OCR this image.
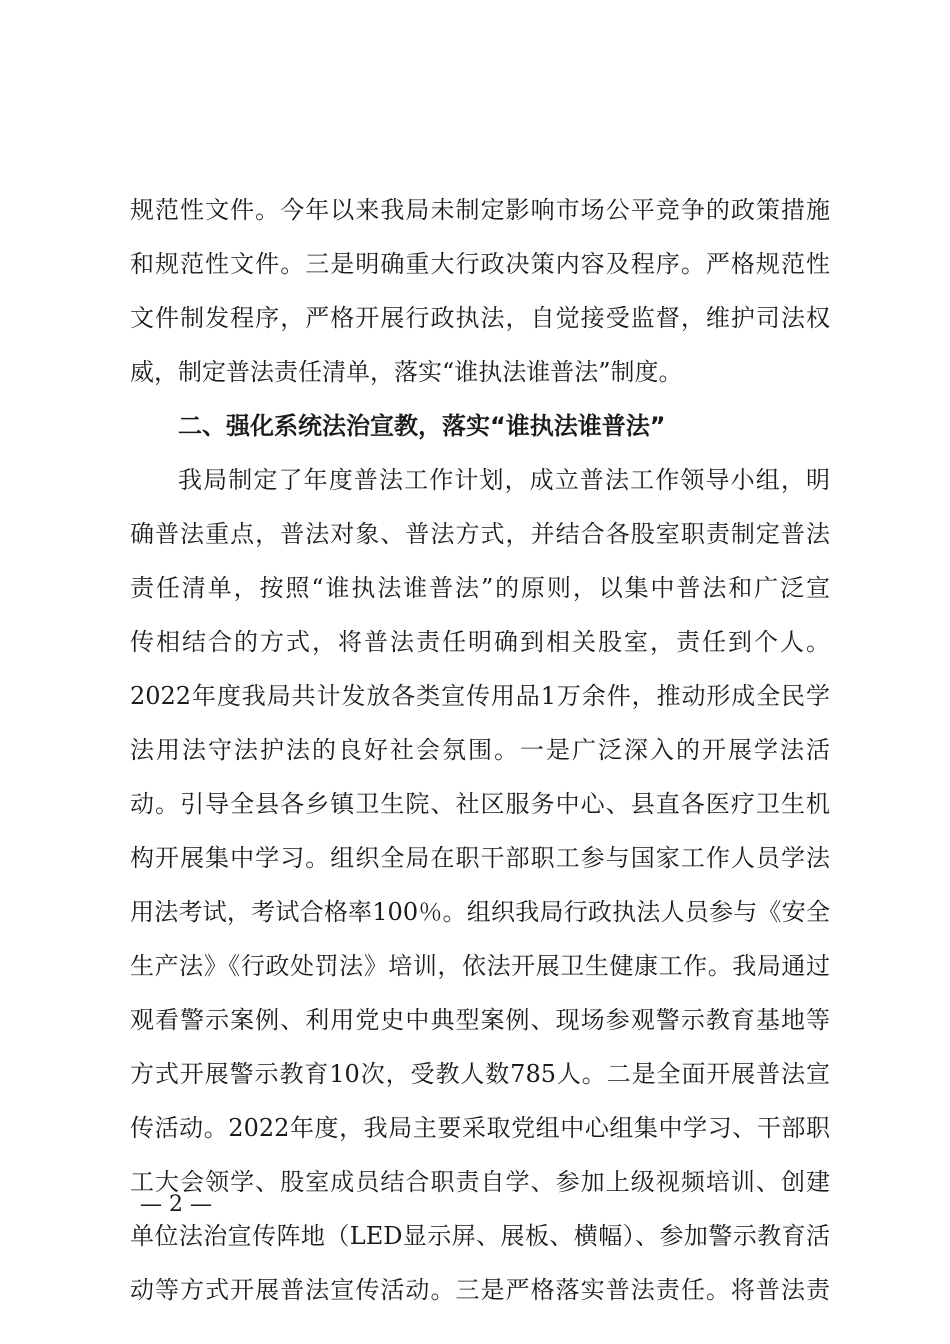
规范性文件。今年以来我局未制定影响市场公平竞争的政策措施
和规范性文件。三是明确重大行政决策内容及程序。严格规范性
文件制发程序，严格开展行政执法，自觉接受监督，维护司法权
威，制定普法责任清单，落实“谁执法谁普法”制度。
二、强化系统法治宣教，落实“谁执法谁普法”
我局制定了年度普法工作计划，成立普法工作领导小组，明
确普法重点，普法对象、普法方式，并结合各股室职责制定普法
责任清单，按照“谁执法谁普法”的原则，以集中普法和广泛宣
传相结合的方式，将普法责任明确到相关股室，责任到个人。
2022年度我局共计发放各类宣传用品1万余件，推动形成全民学
法用法守法护法的良好社会氛围。一是广泛深入的开展学法活
动。引导全县各乡镇卫生院、社区服务中心、县直各医疗卫生机
构开展集中学习。组织全局在职干部职工参与国家工作人员学法
用法考试，考试合格率100％。组织我局行政执法人员参与《安全
生产法》《行政处罚法》培训，依法开展卫生健康工作。我局通过
观看警示案例、利用党史中典型案例、现场参观警示教育基地等
方式开展警示教育10次，受教人数785人。二是全面开展普法宣
传活动。2022年度，我局主要采取党组中心组集中学习、干部职
工大会领学、股室成员结合职责自学、参加上级视频培训、创建
单位法治宣传阵地（LED显示屏、展板、横幅）、参加警示教育活
动等方式开展普法宣传活动。三是严格落实普法责任。将普法责
— 2 —
